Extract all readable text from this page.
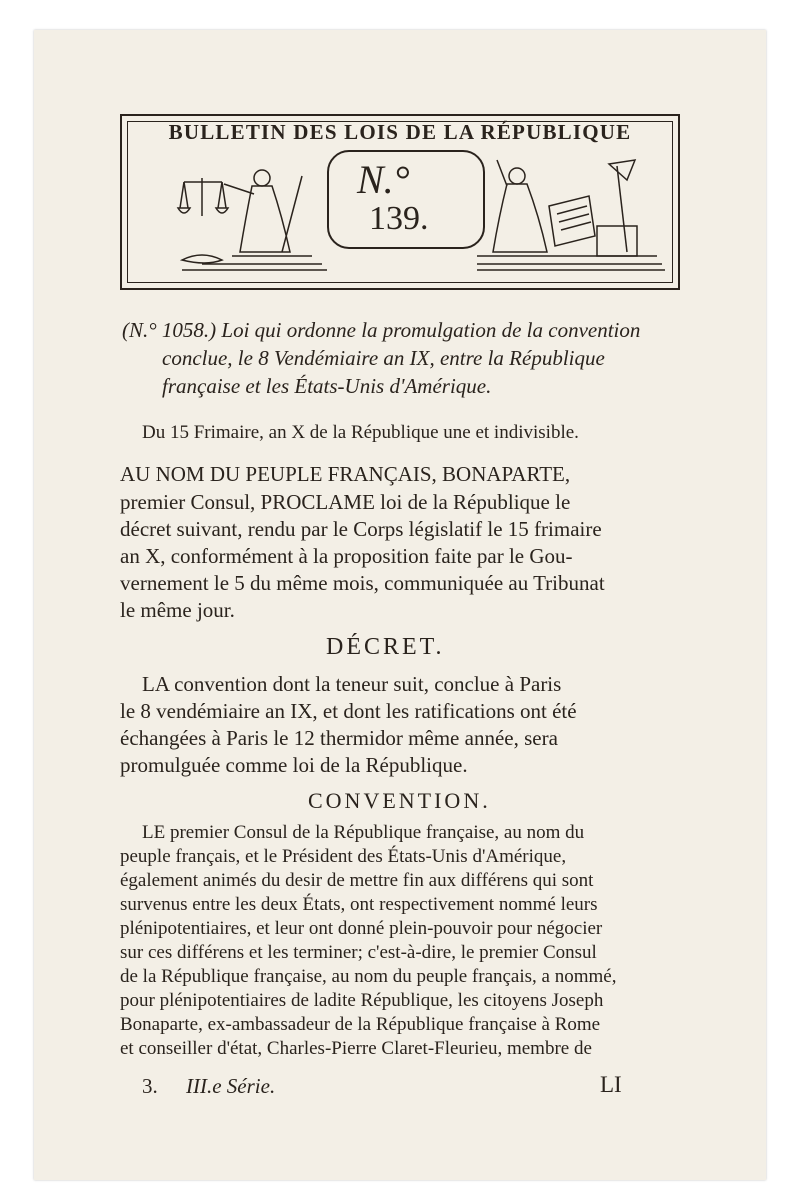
BULLETIN DES LOIS DE LA RÉPUBLIQUE
N.°
139.
(N.° 1058.) Loi qui ordonne la promulgation de la convention
conclue, le 8 Vendémiaire an IX, entre la République
française et les États-Unis d'Amérique.
Du 15 Frimaire, an X de la République une et indivisible.
AU NOM DU PEUPLE FRANÇAIS, BONAPARTE,
premier Consul, PROCLAME loi de la République le
décret suivant, rendu par le Corps législatif le 15 frimaire
an X, conformément à la proposition faite par le Gou-
vernement le 5 du même mois, communiquée au Tribunat
le même jour.
DÉCRET.
LA convention dont la teneur suit, conclue à Paris
le 8 vendémiaire an IX, et dont les ratifications ont été
échangées à Paris le 12 thermidor même année, sera
promulguée comme loi de la République.
CONVENTION.
LE premier Consul de la République française, au nom du
peuple français, et le Président des États-Unis d'Amérique,
également animés du desir de mettre fin aux différens qui sont
survenus entre les deux États, ont respectivement nommé leurs
plénipotentiaires, et leur ont donné plein-pouvoir pour négocier
sur ces différens et les terminer; c'est-à-dire, le premier Consul
de la République française, au nom du peuple français, a nommé,
pour plénipotentiaires de ladite République, les citoyens Joseph
Bonaparte, ex-ambassadeur de la République française à Rome
et conseiller d'état, Charles-Pierre Claret-Fleurieu, membre de
3. III.e Série.	LI
